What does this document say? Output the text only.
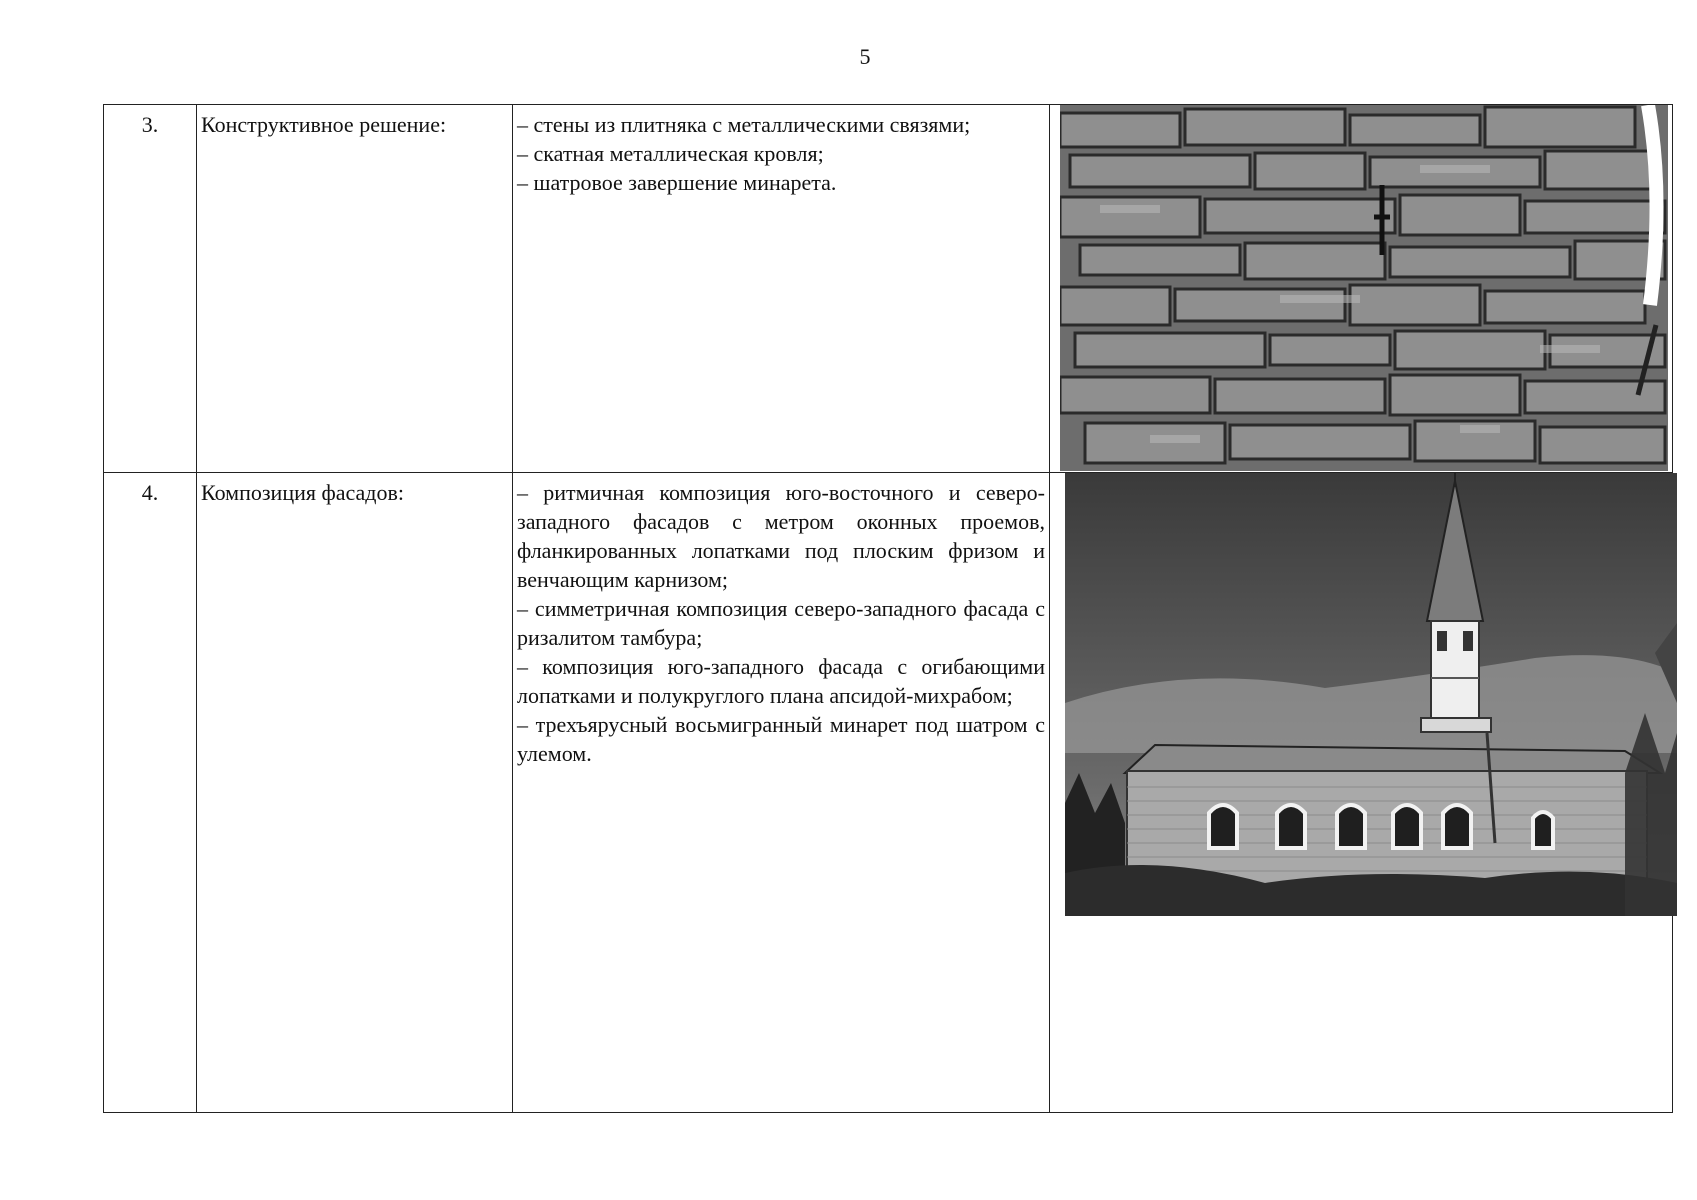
5
3.	Конструктивное решение:	– стены из плитняка с металлическими связями;
– скатная металлическая кровля;
– шатровое завершение минарета.

4.	Композиция фасадов:	– ритмичная композиция юго-восточного и северо-западного фасадов с метром оконных проемов, фланкированных лопатками под плоским фризом и венчающим карнизом;
– симметричная композиция северо-западного фасада с ризалитом тамбура;
– композиция юго-западного фасада с огибающими лопатками и полукруглого плана апсидой-михрабом;
– трехъярусный восьмигранный минарет под шатром с улемом.
